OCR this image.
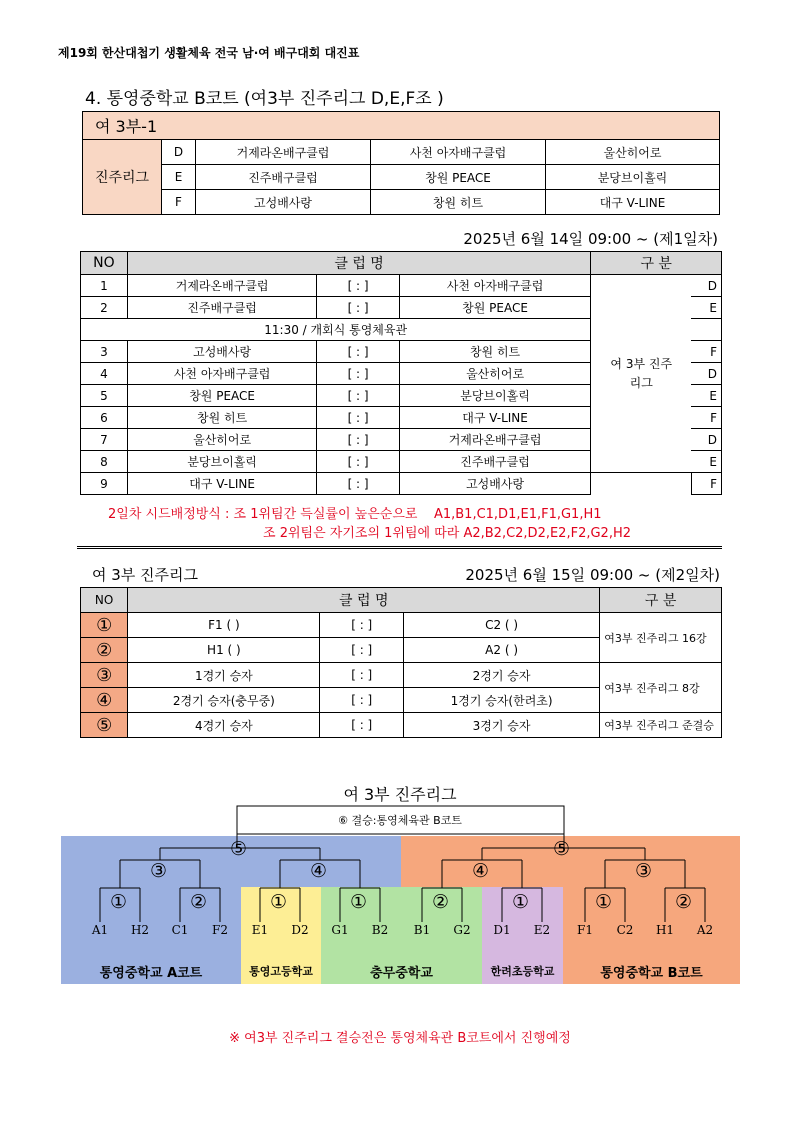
제19회 한산대첩기 생활체육 전국 남·여 배구대회 대진표
4. 통영중학교 B코트 (여3부 진주리그 D,E,F조 )
여 3부-1				
진주리그	D	거제라온배구클럽	사천 아자배구클럽	울산히어로
	E	진주배구클럽	창원 PEACE	분당브이홀릭
	F	고성배사랑	창원 히트	대구 V-LINE
2025년 6월 14일 09:00 ~ (제1일차)
NO	클 럽 명			구 분	
1	거제라온배구클럽	[ : ]	사천 아자배구클럽	여 3부 진주리그	D
2	진주배구클럽	[ : ]	창원 PEACE		E
11:30 / 개회식 통영체육관					
3	고성배사랑	[ : ]	창원 히트		F
4	사천 아자배구클럽	[ : ]	울산히어로		D
5	창원 PEACE	[ : ]	분당브이홀릭		E
6	창원 히트	[ : ]	대구 V-LINE		F
7	울산히어로	[ : ]	거제라온배구클럽		D
8	분당브이홀릭	[ : ]	진주배구클럽		E
9	대구 V-LINE	[ : ]	고성배사랑		F
2일차 시드배정방식 : 조 1위팀간 득실률이 높은순으로    A1,B1,C1,D1,E1,F1,G1,H1
조 2위팀은 자기조의 1위팀에 따라 A2,B2,C2,D2,E2,F2,G2,H2
여 3부 진주리그	2025년 6월 15일 09:00 ~ (제2일차)
NO	클 럽 명			구 분
①	F1 ( )	[ : ]	C2 ( )	여3부 진주리그 16강
②	H1 ( )	[ : ]	A2 ( )	
③	1경기 승자	[ : ]	2경기 승자	여3부 진주리그 8강
④	2경기 승자(충무중)	[ : ]	1경기 승자(한려초)	
⑤	4경기 승자	[ : ]	3경기 승자	여3부 진주리그 준결승
여 3부 진주리그
⑥ 결승:통영체육관 B코트
⑤	⑤
③	④	④	③
①	②	①	①	②	①	①	②
A1	H2	C1	F2	E1	D2	G1	B2	B1	G2	D1	E2	F1	C2	H1	A2
통영중학교 A코트	통영고등학교	충무중학교	한려초등학교	통영중학교 B코트
※ 여3부 진주리그 결승전은 통영체육관 B코트에서 진행예정
